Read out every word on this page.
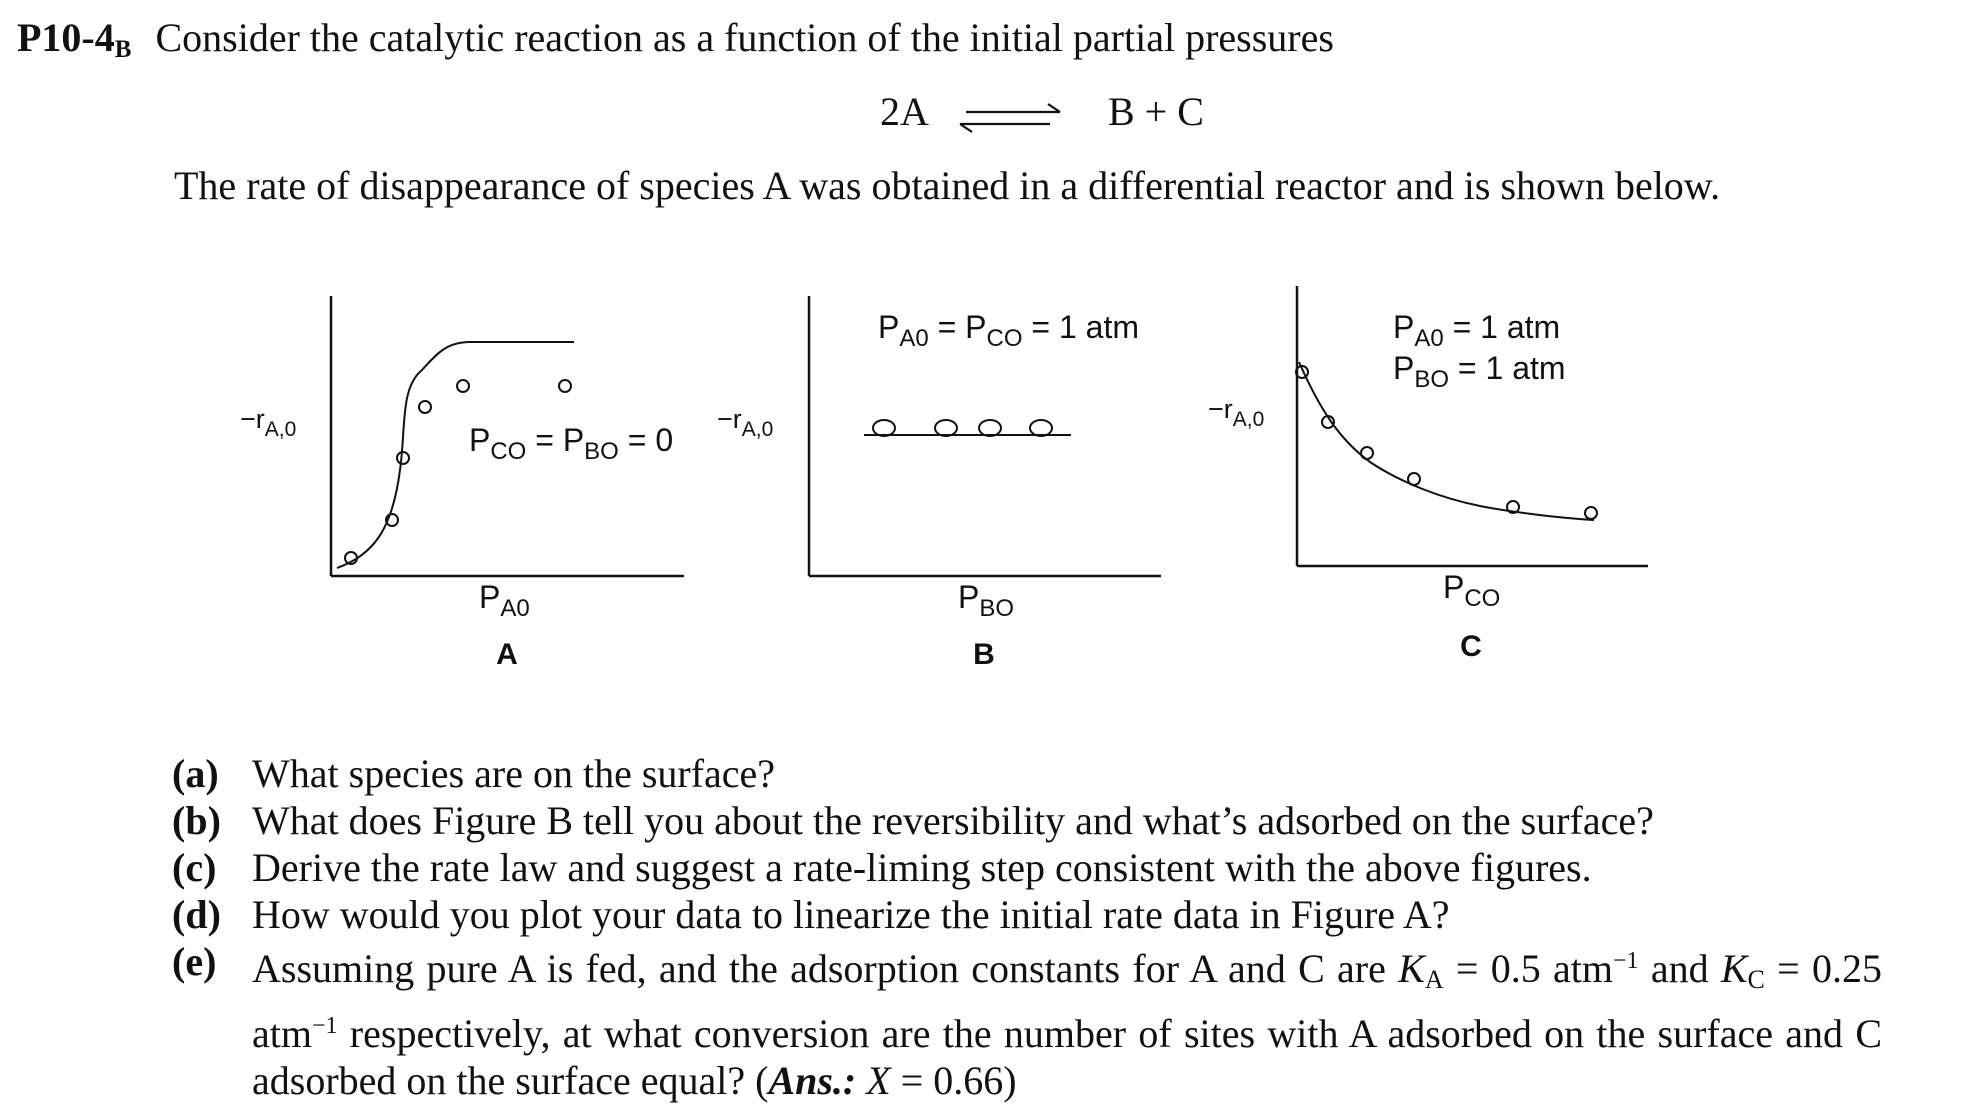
$P10-4_B$ Consider the catalytic reaction as a function of the initial partial pressures
2A	B + C
The rate of disappearance of species A was obtained in a differential reactor and is shown below.
$-r_{A,0}$	$P_{CO} = P_{BO} = 0$
$P_{A0}$
A
$-r_{A,0}$
$P_{A0} = P_{CO} = 1$ atm
$P_{BO}$
B
$-r_{A,0}$
$P_{A0} = 1$ atm
$P_{BO} = 1$ atm
$P_{CO}$
C
(a) What species are on the surface?
(b) What does Figure B tell you about the reversibility and what’s adsorbed on the surface?
(c) Derive the rate law and suggest a rate-liming step consistent with the above figures.
(d) How would you plot your data to linearize the initial rate data in Figure A?
(e) Assuming pure A is fed, and the adsorption constants for A and C are $K_A = 0.5$ atm$^{-1}$ and $K_C = 0.25$ atm$^{-1}$ respectively, at what conversion are the number of sites with A adsorbed on the surface and C adsorbed on the surface equal? (Ans.: X = 0.66)
